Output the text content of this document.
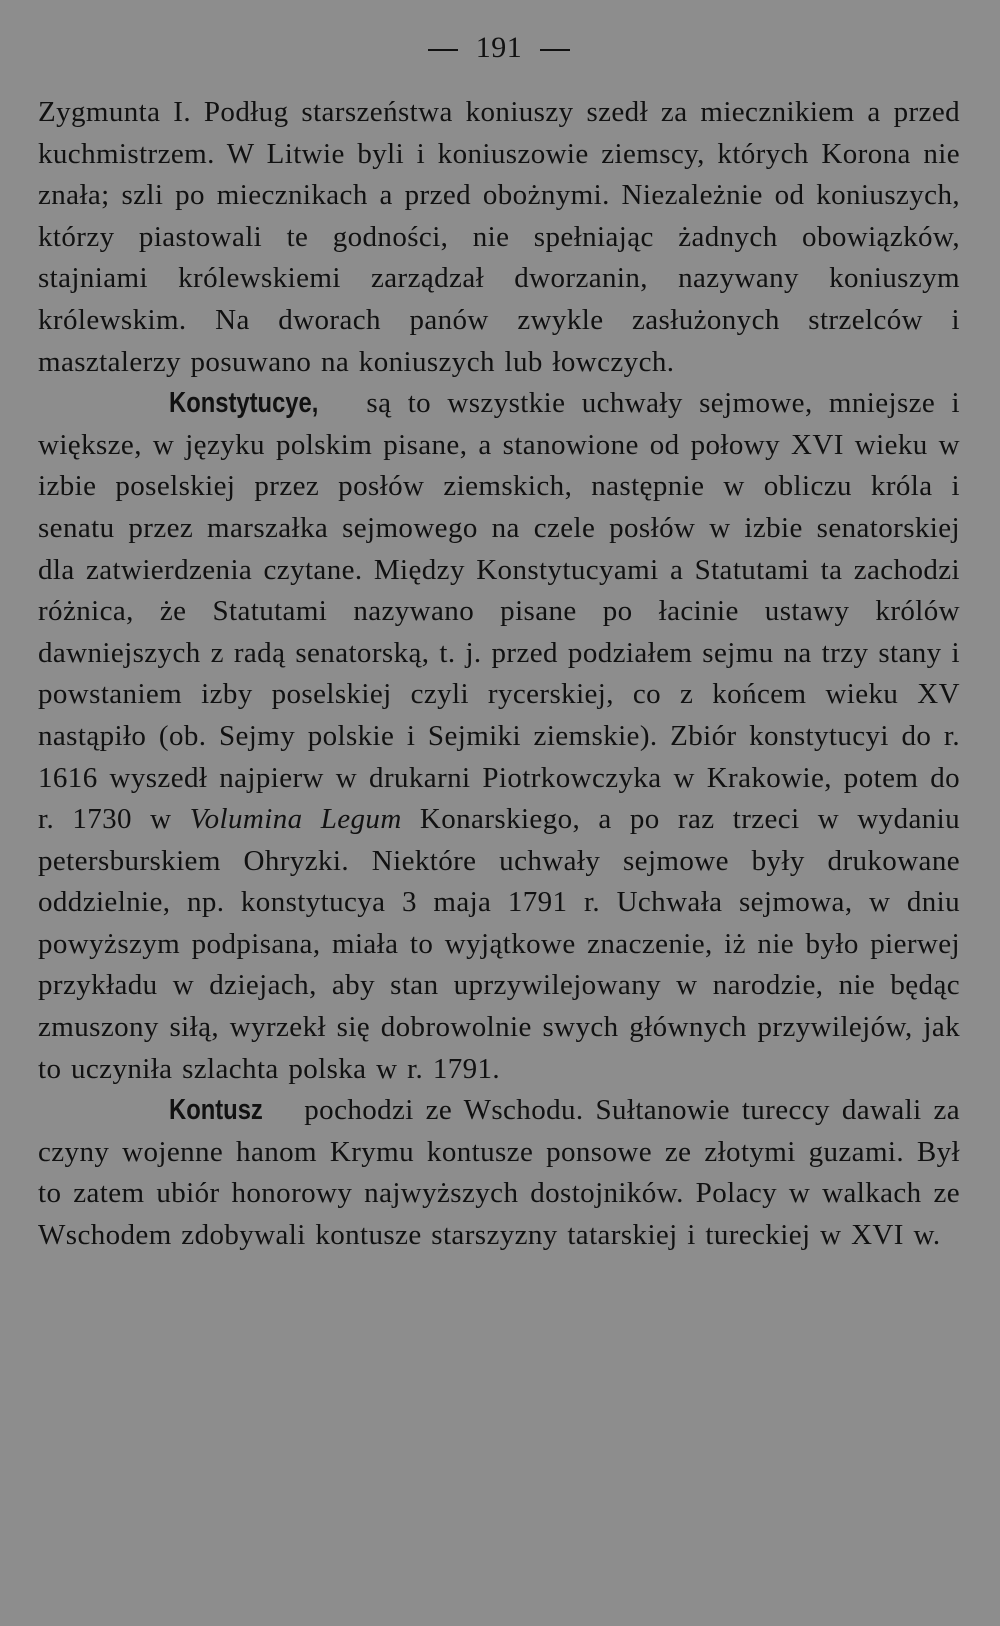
191

Zygmunta I. Podług starszeństwa koniuszy szedł za miecznikiem a przed kuchmistrzem. W Litwie byli i koniuszowie ziemscy, których Korona nie znała; szli po miecznikach a przed obożnymi. Niezależnie od koniuszych, którzy piastowali te godności, nie spełniając żadnych obowiązków, stajniami królewskiemi zarządzał dworzanin, nazywany koniuszym królewskim. Na dworach panów zwykle zasłużonych strzelców i masztalerzy posuwano na koniuszych lub łowczych.

Konstytucye, są to wszystkie uchwały sejmowe, mniejsze i większe, w języku polskim pisane, a stanowione od połowy XVI wieku w izbie poselskiej przez posłów ziemskich, następnie w obliczu króla i senatu przez marszałka sejmowego na czele posłów w izbie senatorskiej dla zatwierdzenia czytane. Między Konstytucyami a Statutami ta zachodzi różnica, że Statutami nazywano pisane po łacinie ustawy królów dawniejszych z radą senatorską, t. j. przed podziałem sejmu na trzy stany i powstaniem izby poselskiej czyli rycerskiej, co z końcem wieku XV nastąpiło (ob. Sejmy polskie i Sejmiki ziemskie). Zbiór konstytucyi do r. 1616 wyszedł najpierw w drukarni Piotrkowczyka w Krakowie, potem do r. 1730 w Volumina Legum Konarskiego, a po raz trzeci w wydaniu petersburskiem Ohryzki. Niektóre uchwały sejmowe były drukowane oddzielnie, np. konstytucya 3 maja 1791 r. Uchwała sejmowa, w dniu powyższym podpisana, miała to wyjątkowe znaczenie, iż nie było pierwej przykładu w dziejach, aby stan uprzywilejowany w narodzie, nie będąc zmuszony siłą, wyrzekł się dobrowolnie swych głównych przywilejów, jak to uczyniła szlachta polska w r. 1791.

Kontusz pochodzi ze Wschodu. Sułtanowie tureccy dawali za czyny wojenne hanom Krymu kontusze ponsowe ze złotymi guzami. Był to zatem ubiór honorowy najwyższych dostojników. Polacy w walkach ze Wschodem zdobywali kontusze starszyzny tatarskiej i tureckiej w XVI w.
